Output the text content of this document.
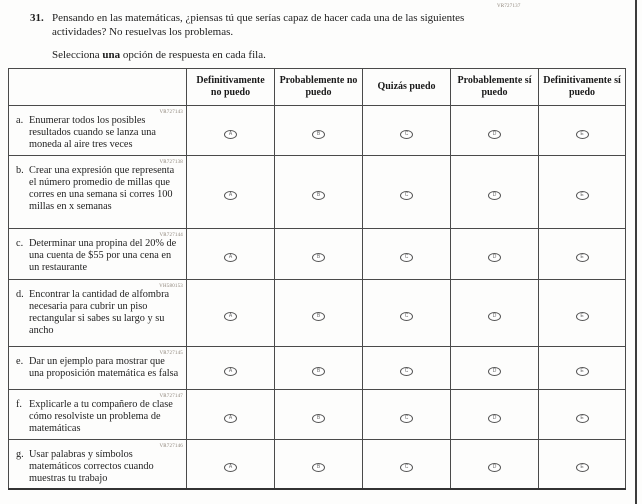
VR727137
31. Pensando en las matemáticas, ¿piensas tú que serías capaz de hacer cada una de las siguientes actividades? No resuelvas los problemas.
Selecciona una opción de respuesta en cada fila.
	Definitivamente no puedo	Probablemente no puedo	Quizás puedo	Probablemente sí puedo	Definitivamente sí puedo

VR727143
a. Enumerar todos los posibles resultados cuando se lanza una moneda al aire tres veces	A	B	C	D	E

VR727138
b. Crear una expresión que representa el número promedio de millas que corres en una semana si corres 100 millas en x semanas	A	B	C	D	E

VR727144
c. Determinar una propina del 20% de una cuenta de $55 por una cena en un restaurante	A	B	C	D	E

VH580153
d. Encontrar la cantidad de alfombra necesaria para cubrir un piso rectangular si sabes su largo y su ancho	A	B	C	D	E

VR727145
e. Dar un ejemplo para mostrar que una proposición matemática es falsa	A	B	C	D	E

VR727147
f. Explicarle a tu compañero de clase cómo resolviste un problema de matemáticas	A	B	C	D	E

VR727146
g. Usar palabras y símbolos matemáticos correctos cuando muestras tu trabajo	A	B	C	D	E
